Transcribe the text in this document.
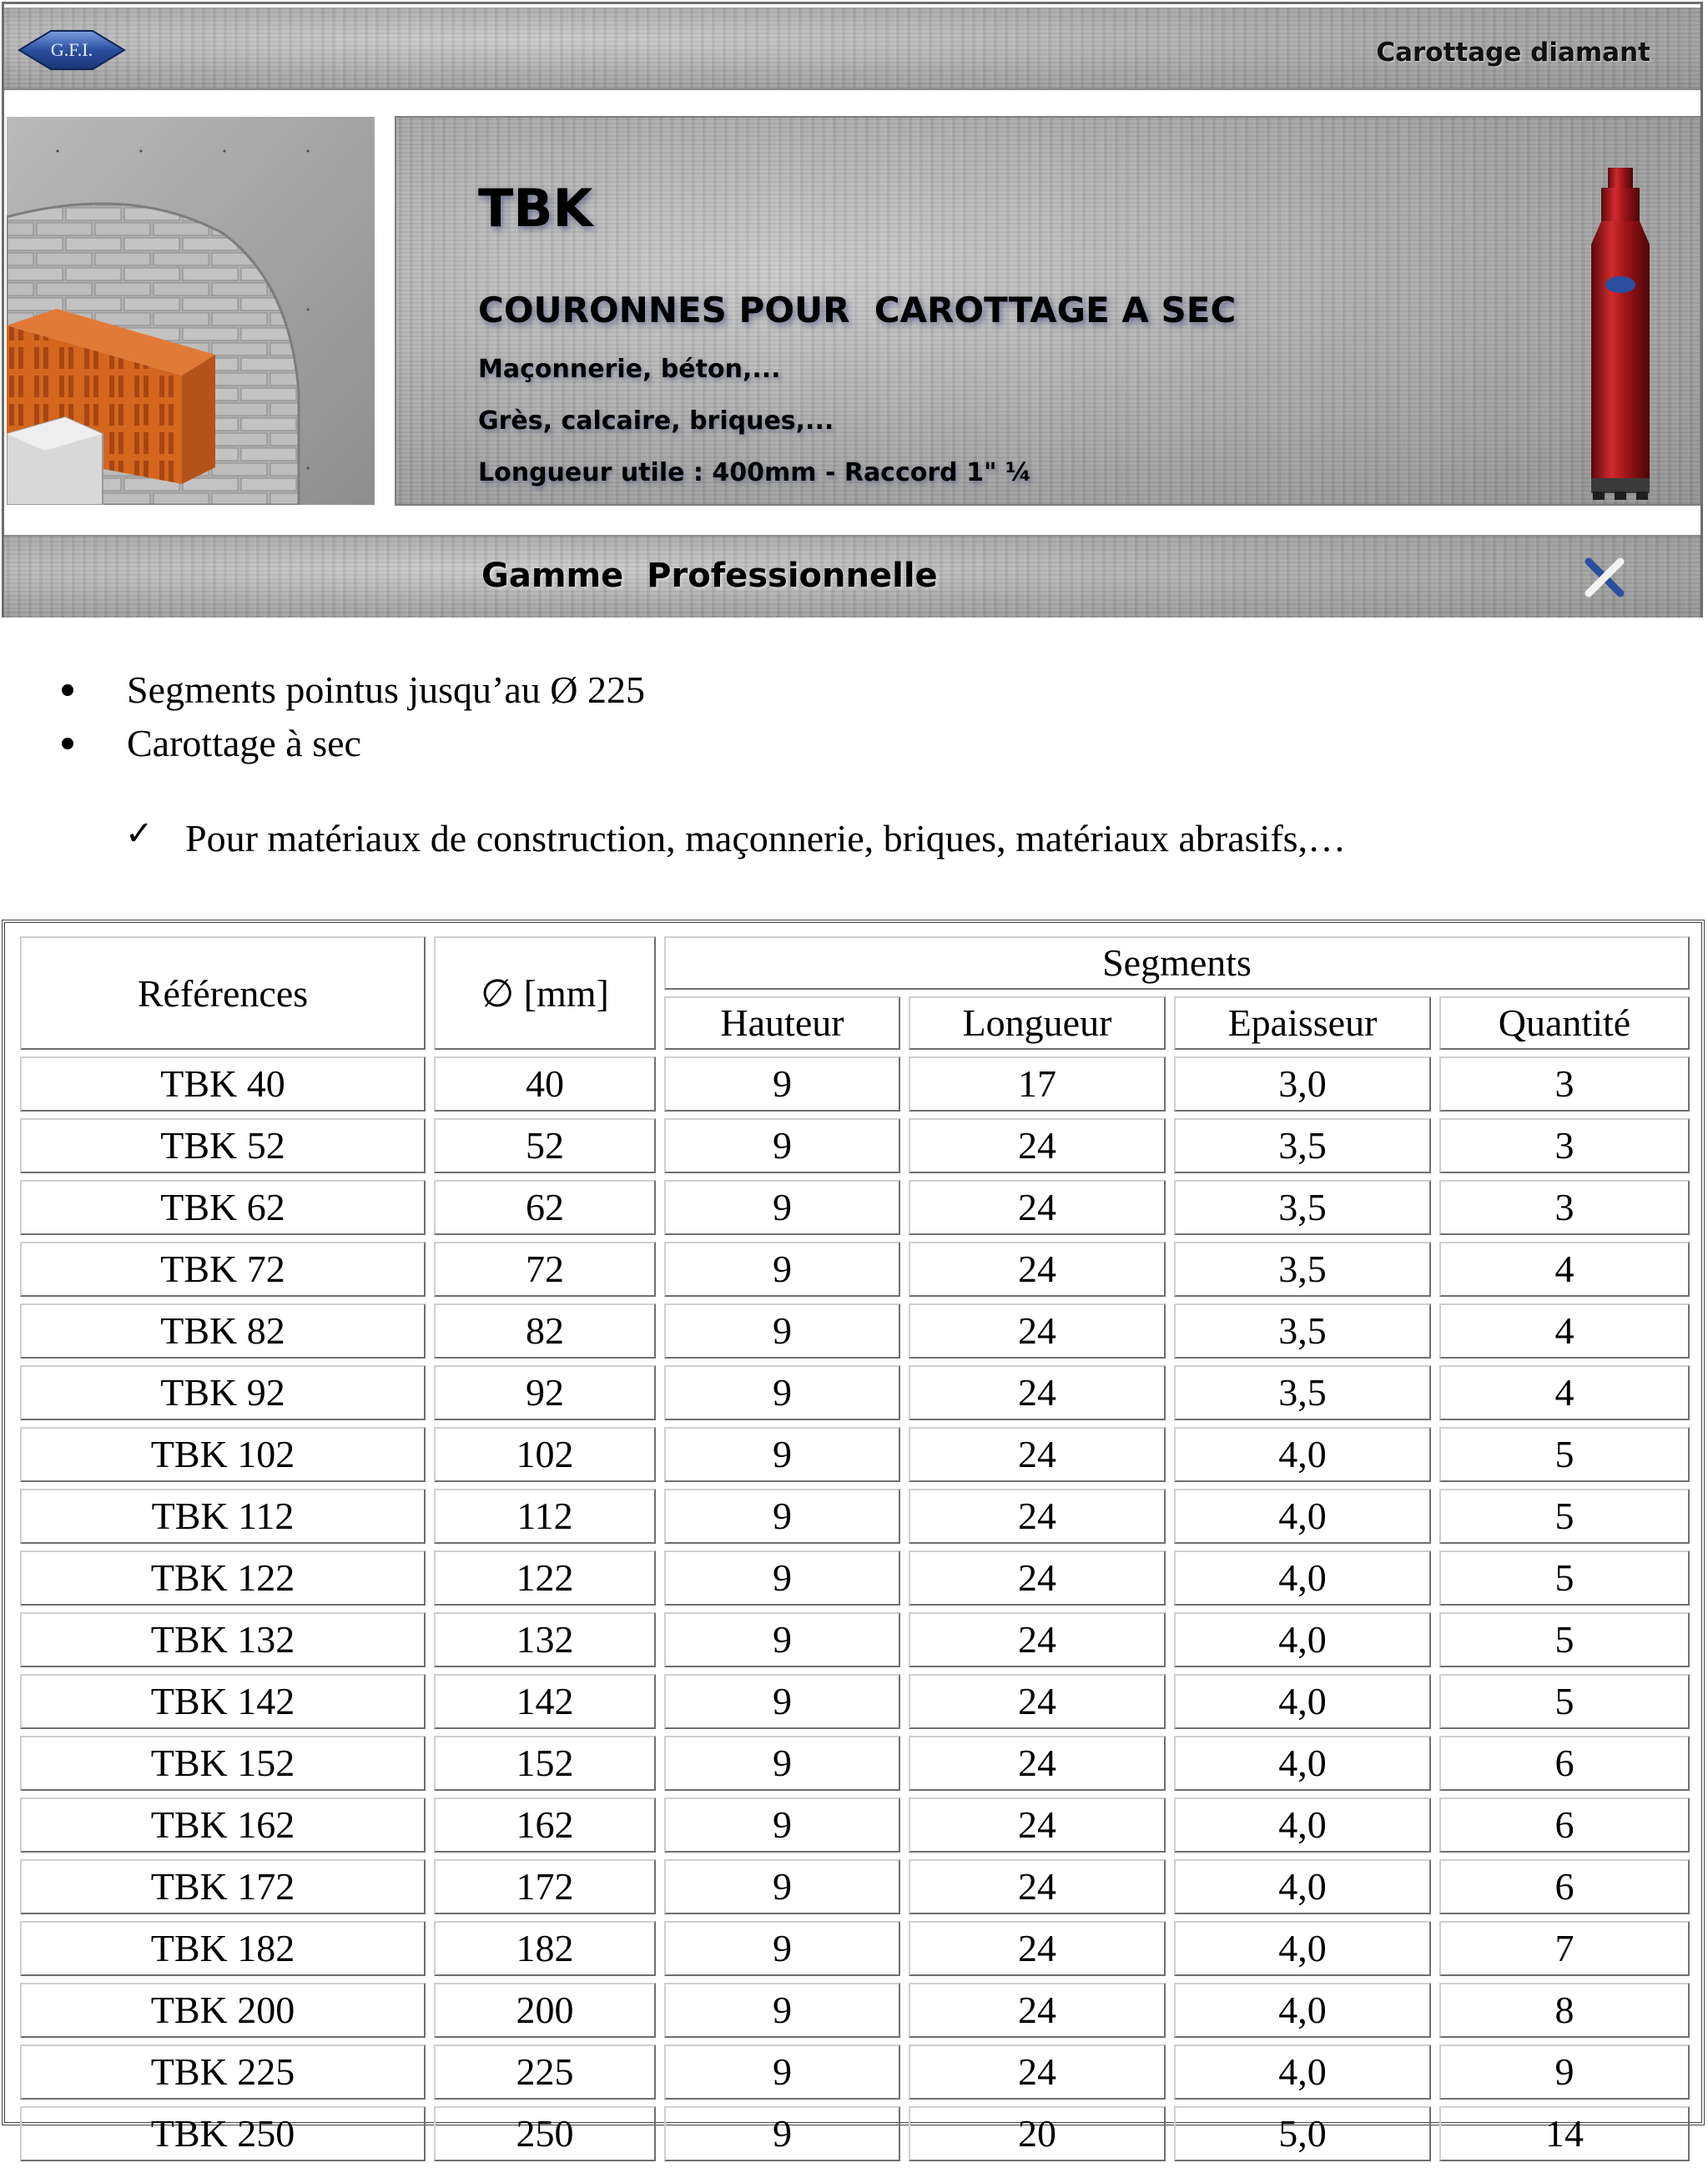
G.F.I.	Carottage diamant
TBK
COURONNES POUR  CAROTTAGE A SEC
Maçonnerie, béton,...
Grès, calcaire, briques,...
Longueur utile : 400mm - Raccord 1" ¼
Gamme  Professionnelle
Segments pointus jusqu’au Ø 225
Carottage à sec
✓ Pour matériaux de construction, maçonnerie, briques, matériaux abrasifs,…
Références	∅ [mm]	Segments			
		Hauteur	Longueur	Epaisseur	Quantité
TBK 40	40	9	17	3,0	3
TBK 52	52	9	24	3,5	3
TBK 62	62	9	24	3,5	3
TBK 72	72	9	24	3,5	4
TBK 82	82	9	24	3,5	4
TBK 92	92	9	24	3,5	4
TBK 102	102	9	24	4,0	5
TBK 112	112	9	24	4,0	5
TBK 122	122	9	24	4,0	5
TBK 132	132	9	24	4,0	5
TBK 142	142	9	24	4,0	5
TBK 152	152	9	24	4,0	6
TBK 162	162	9	24	4,0	6
TBK 172	172	9	24	4,0	6
TBK 182	182	9	24	4,0	7
TBK 200	200	9	24	4,0	8
TBK 225	225	9	24	4,0	9
TBK 250	250	9	20	5,0	14
